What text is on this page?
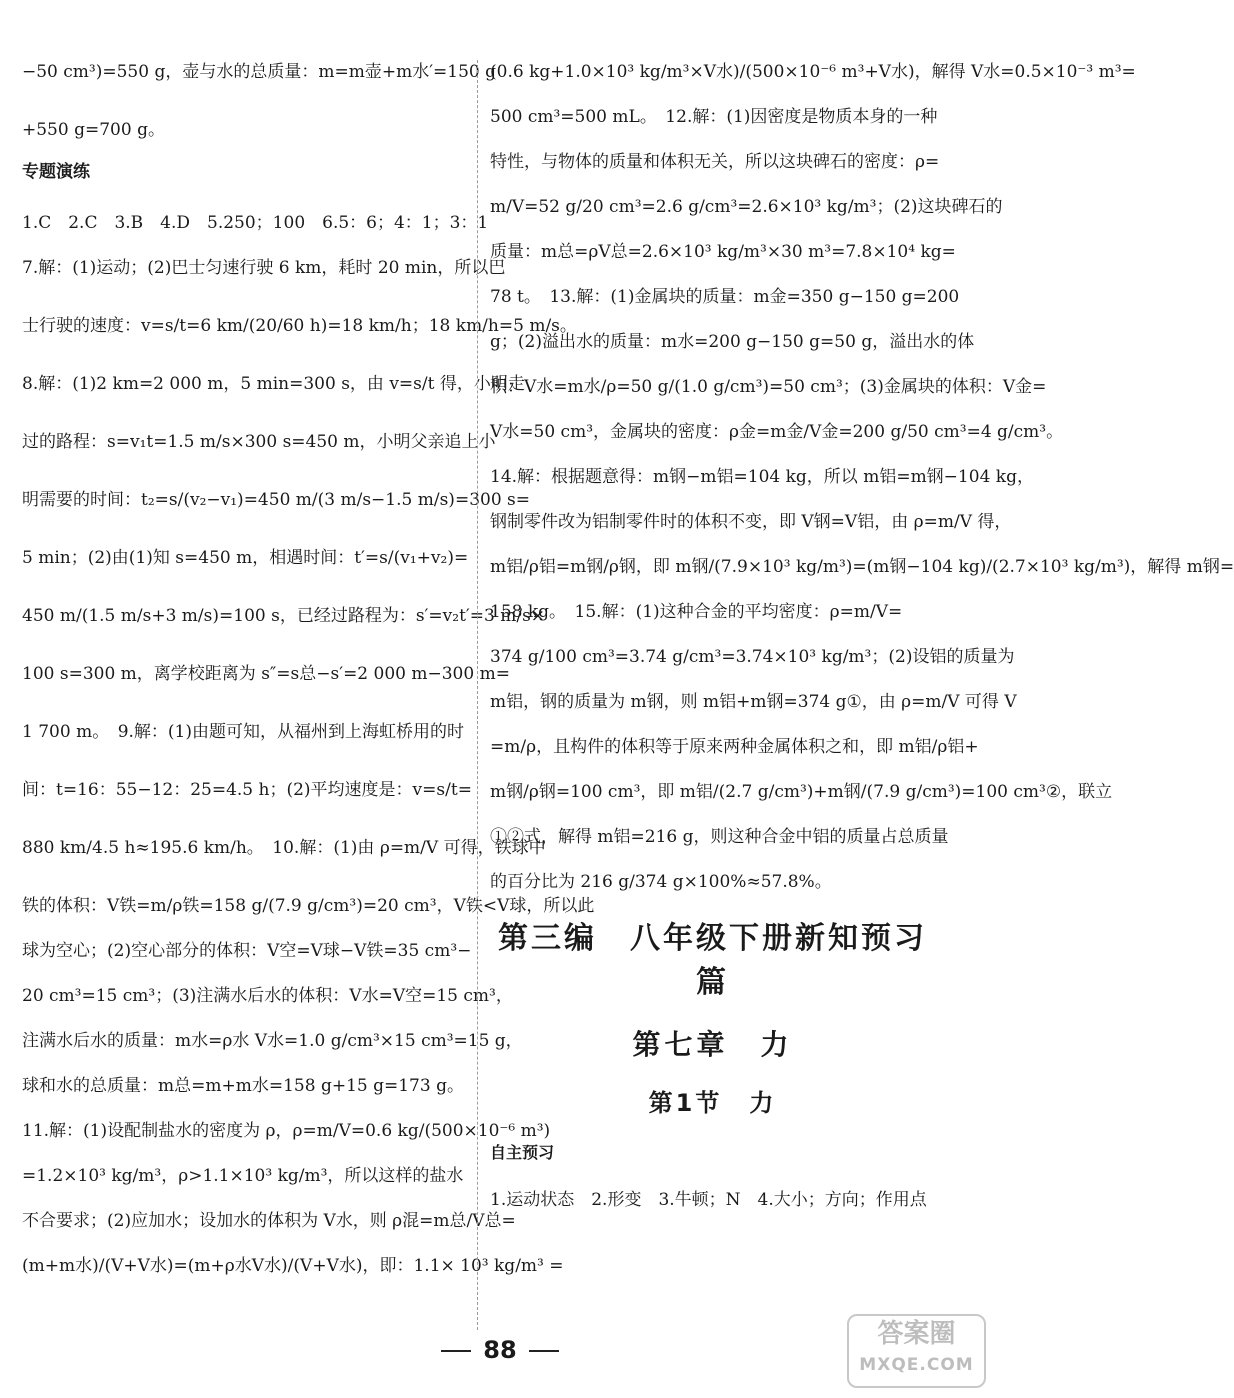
−50 cm³)=550 g，壶与水的总质量：m=m壶+m水′=150 g
+550 g=700 g。
专题演练
1.C　2.C　3.B　4.D　5.250；100　6.5：6；4：1；3：1
7.解：(1)运动；(2)巴士匀速行驶 6 km，耗时 20 min，所以巴
士行驶的速度：v=s/t=6 km/(20/60 h)=18 km/h；18 km/h=5 m/s。
8.解：(1)2 km=2 000 m，5 min=300 s，由 v=s/t 得，小明走
过的路程：s=v₁t=1.5 m/s×300 s=450 m，小明父亲追上小
明需要的时间：t₂=s/(v₂−v₁)=450 m/(3 m/s−1.5 m/s)=300 s=
5 min；(2)由(1)知 s=450 m，相遇时间：t′=s/(v₁+v₂)=
450 m/(1.5 m/s+3 m/s)=100 s，已经过路程为：s′=v₂t′=3 m/s×
100 s=300 m，离学校距离为 s″=s总−s′=2 000 m−300 m=
1 700 m。　9.解：(1)由题可知，从福州到上海虹桥用的时
间：t=16：55−12：25=4.5 h；(2)平均速度是：v=s/t=
880 km/4.5 h≈195.6 km/h。　10.解：(1)由 ρ=m/V 可得，铁球中
铁的体积：V铁=m/ρ铁=158 g/(7.9 g/cm³)=20 cm³，V铁<V球，所以此
球为空心；(2)空心部分的体积：V空=V球−V铁=35 cm³−
20 cm³=15 cm³；(3)注满水后水的体积：V水=V空=15 cm³，
注满水后水的质量：m水=ρ水 V水=1.0 g/cm³×15 cm³=15 g，
球和水的总质量：m总=m+m水=158 g+15 g=173 g。
11.解：(1)设配制盐水的密度为 ρ，ρ=m/V=0.6 kg/(500×10⁻⁶ m³)
=1.2×10³ kg/m³，ρ>1.1×10³ kg/m³，所以这样的盐水
不合要求；(2)应加水；设加水的体积为 V水，则 ρ混=m总/V总=
(m+m水)/(V+V水)=(m+ρ水V水)/(V+V水)，即：1.1× 10³ kg/m³ =
(0.6 kg+1.0×10³ kg/m³×V水)/(500×10⁻⁶ m³+V水)，解得 V水=0.5×10⁻³ m³=
500 cm³=500 mL。　12.解：(1)因密度是物质本身的一种
特性，与物体的质量和体积无关，所以这块碑石的密度：ρ=
m/V=52 g/20 cm³=2.6 g/cm³=2.6×10³ kg/m³；(2)这块碑石的
质量：m总=ρV总=2.6×10³ kg/m³×30 m³=7.8×10⁴ kg=
78 t。　13.解：(1)金属块的质量：m金=350 g−150 g=200
g；(2)溢出水的质量：m水=200 g−150 g=50 g，溢出水的体
积：V水=m水/ρ=50 g/(1.0 g/cm³)=50 cm³；(3)金属块的体积：V金=
V水=50 cm³，金属块的密度：ρ金=m金/V金=200 g/50 cm³=4 g/cm³。
14.解：根据题意得：m钢−m铝=104 kg，所以 m铝=m钢−104 kg，
钢制零件改为铝制零件时的体积不变，即 V钢=V铝，由 ρ=m/V 得，
m铝/ρ铝=m钢/ρ钢，即 m钢/(7.9×10³ kg/m³)=(m钢−104 kg)/(2.7×10³ kg/m³)，解得 m钢=
158 kg。　15.解：(1)这种合金的平均密度：ρ=m/V=
374 g/100 cm³=3.74 g/cm³=3.74×10³ kg/m³；(2)设铝的质量为
m铝，钢的质量为 m钢，则 m铝+m钢=374 g①，由 ρ=m/V 可得 V
=m/ρ，且构件的体积等于原来两种金属体积之和，即 m铝/ρ铝+
m钢/ρ钢=100 cm³，即 m铝/(2.7 g/cm³)+m钢/(7.9 g/cm³)=100 cm³②，联立
①②式，解得 m铝=216 g，则这种合金中铝的质量占总质量
的百分比为 216 g/374 g×100%≈57.8%。
第三编　八年级下册新知预习篇
第七章　力
第1节　力
自主预习
1.运动状态　2.形变　3.牛顿；N　4.大小；方向；作用点
88
答案圈
MXQE.COM
